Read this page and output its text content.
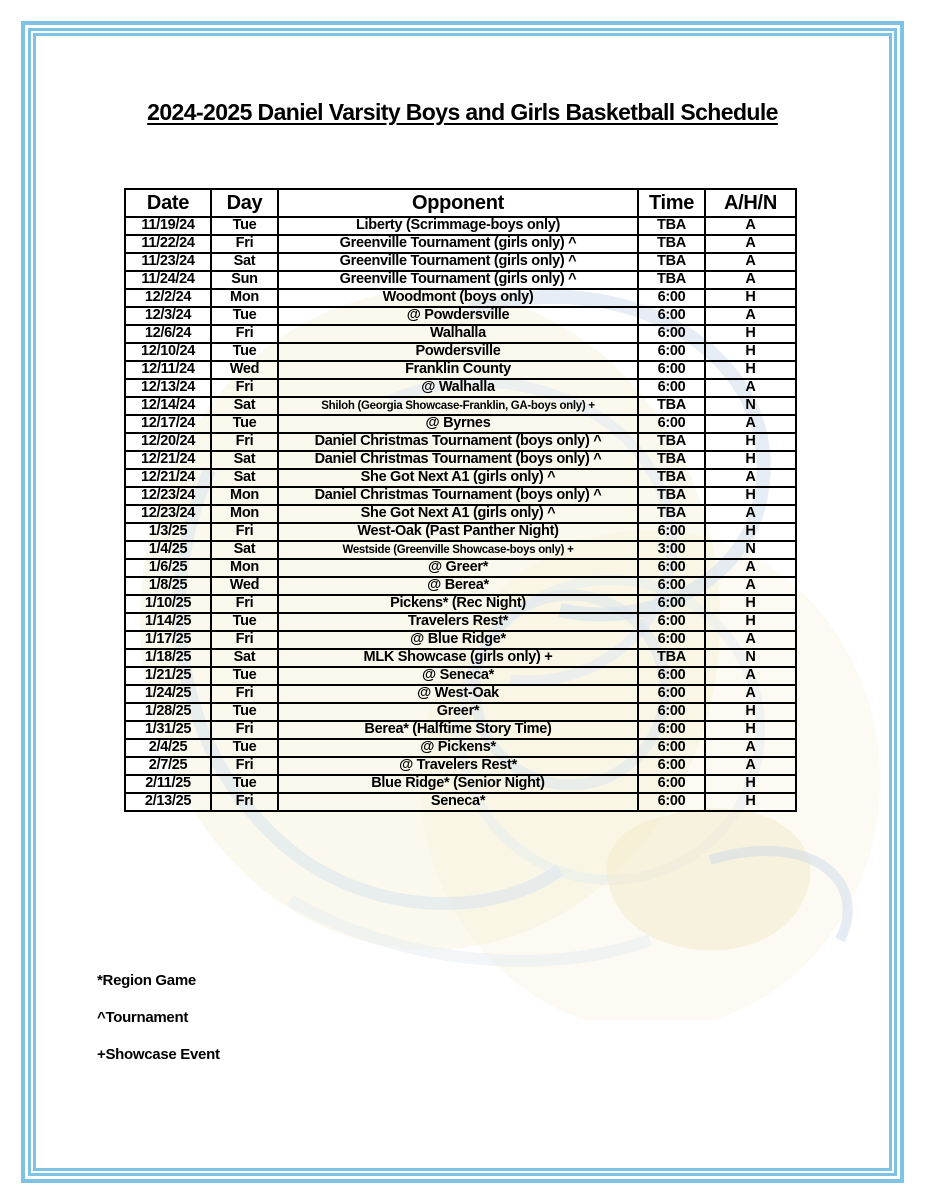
2024-2025 Daniel Varsity Boys and Girls Basketball Schedule
Date	Day	Opponent	Time	A/H/N
11/19/24	Tue	Liberty (Scrimmage-boys only)	TBA	A
11/22/24	Fri	Greenville Tournament (girls only) ^	TBA	A
11/23/24	Sat	Greenville Tournament (girls only) ^	TBA	A
11/24/24	Sun	Greenville Tournament (girls only) ^	TBA	A
12/2/24	Mon	Woodmont (boys only)	6:00	H
12/3/24	Tue	@ Powdersville	6:00	A
12/6/24	Fri	Walhalla	6:00	H
12/10/24	Tue	Powdersville	6:00	H
12/11/24	Wed	Franklin County	6:00	H
12/13/24	Fri	@ Walhalla	6:00	A
12/14/24	Sat	Shiloh (Georgia Showcase-Franklin, GA-boys only) +	TBA	N
12/17/24	Tue	@ Byrnes	6:00	A
12/20/24	Fri	Daniel Christmas Tournament (boys only) ^	TBA	H
12/21/24	Sat	Daniel Christmas Tournament (boys only) ^	TBA	H
12/21/24	Sat	She Got Next A1 (girls only) ^	TBA	A
12/23/24	Mon	Daniel Christmas Tournament (boys only) ^	TBA	H
12/23/24	Mon	She Got Next A1 (girls only) ^	TBA	A
1/3/25	Fri	West-Oak (Past Panther Night)	6:00	H
1/4/25	Sat	Westside (Greenville Showcase-boys only) +	3:00	N
1/6/25	Mon	@ Greer*	6:00	A
1/8/25	Wed	@ Berea*	6:00	A
1/10/25	Fri	Pickens* (Rec Night)	6:00	H
1/14/25	Tue	Travelers Rest*	6:00	H
1/17/25	Fri	@ Blue Ridge*	6:00	A
1/18/25	Sat	MLK Showcase (girls only) +	TBA	N
1/21/25	Tue	@ Seneca*	6:00	A
1/24/25	Fri	@ West-Oak	6:00	A
1/28/25	Tue	Greer*	6:00	H
1/31/25	Fri	Berea* (Halftime Story Time)	6:00	H
2/4/25	Tue	@ Pickens*	6:00	A
2/7/25	Fri	@ Travelers Rest*	6:00	A
2/11/25	Tue	Blue Ridge* (Senior Night)	6:00	H
2/13/25	Fri	Seneca*	6:00	H

*Region Game

^Tournament

+Showcase Event
